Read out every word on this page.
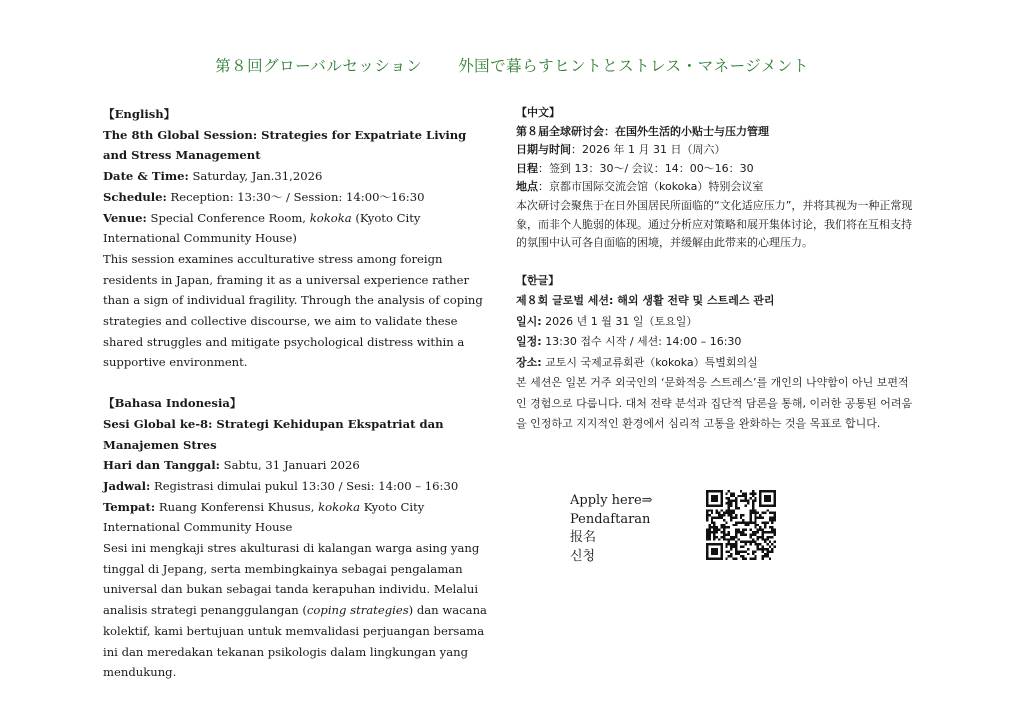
第８回グローバルセッション 外国で暮らすヒントとストレス・マネージメント
【English】
The 8th Global Session: Strategies for Expatriate Living and Stress Management
Date & Time: Saturday, Jan.31,2026
Schedule: Reception: 13:30～ / Session: 14:00～16:30
Venue: Special Conference Room, kokoka (Kyoto City International Community House)
This session examines acculturative stress among foreign residents in Japan, framing it as a universal experience rather than a sign of individual fragility. Through the analysis of coping strategies and collective discourse, we aim to validate these shared struggles and mitigate psychological distress within a supportive environment.
【Bahasa Indonesia】
Sesi Global ke-8: Strategi Kehidupan Ekspatriat dan Manajemen Stres
Hari dan Tanggal: Sabtu, 31 Januari 2026
Jadwal: Registrasi dimulai pukul 13:30 / Sesi: 14:00 – 16:30
Tempat: Ruang Konferensi Khusus, kokoka Kyoto City International Community House
Sesi ini mengkaji stres akulturasi di kalangan warga asing yang tinggal di Jepang, serta membingkainya sebagai pengalaman universal dan bukan sebagai tanda kerapuhan individu. Melalui analisis strategi penanggulangan (coping strategies) dan wacana kolektif, kami bertujuan untuk memvalidasi perjuangan bersama ini dan meredakan tekanan psikologis dalam lingkungan yang mendukung.
【中文】
第８届全球研讨会：在国外生活的小贴士与压力管理
日期与时间：2026 年 1 月 31 日（周六）
日程：签到 13：30～/ 会议：14：00～16：30
地点：京都市国际交流会馆（kokoka）特别会议室
本次研讨会聚焦于在日外国居民所面临的“文化适应压力”，并将其视为一种正常现象，而非个人脆弱的体现。通过分析应对策略和展开集体讨论，我们将在互相支持的氛围中认可各自面临的困境，并缓解由此带来的心理压力。
【한글】
제８회 글로벌 세션: 해외 생활 전략 및 스트레스 관리
일시: 2026 년 1 월 31 일（토요일）
일정: 13:30 접수 시작 / 세션: 14:00 – 16:30
장소: 교토시 국제교류회관（kokoka）특별회의실
본 세션은 일본 거주 외국인의 ‘문화적응 스트레스’를 개인의 나약함이 아닌 보편적인 경험으로 다룹니다. 대처 전략 분석과 집단적 담론을 통해, 이러한 공통된 어려움을 인정하고 지지적인 환경에서 심리적 고통을 완화하는 것을 목표로 합니다.
Apply here⇒
Pendaftaran
报名
신청
